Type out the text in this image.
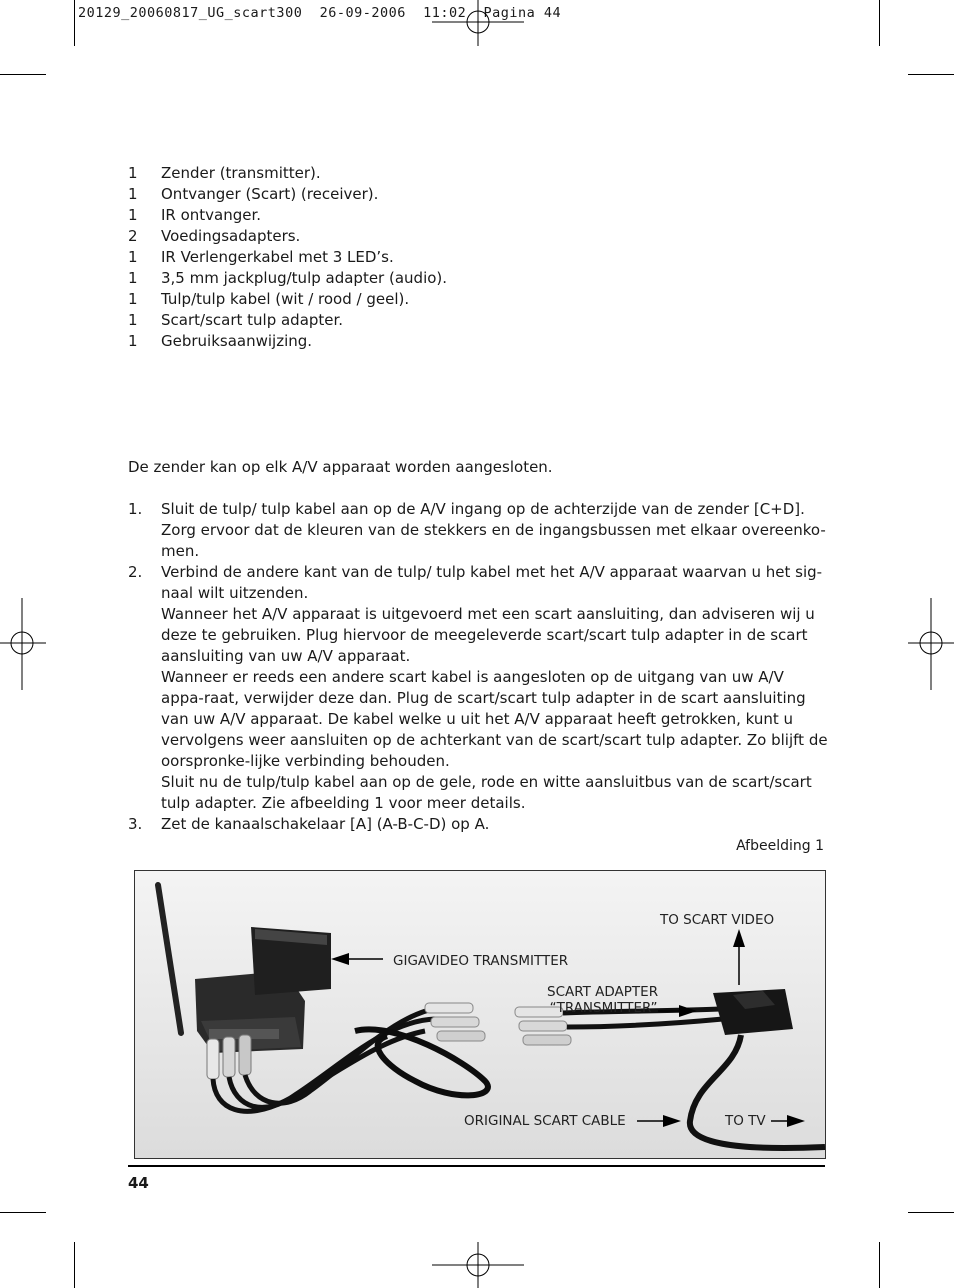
20129_20060817_UG_scart300  26-09-2006  11:02  Pagina 44
1	Zender (transmitter).
1	Ontvanger (Scart) (receiver).
1	IR ontvanger.
2	Voedingsadapters.
1	IR Verlengerkabel met 3 LED’s.
1	3,5 mm jackplug/tulp adapter (audio).
1	Tulp/tulp kabel (wit / rood / geel).
1	Scart/scart tulp adapter.
1	Gebruiksaanwijzing.
De zender kan op elk A/V apparaat worden aangesloten.
1.	Sluit de tulp/ tulp kabel aan op de A/V ingang op de achterzijde van de zender [C+D]. Zorg ervoor dat de kleuren van de stekkers en de ingangsbussen met elkaar overeenko-men.

2.	Verbind de andere kant van de tulp/ tulp kabel met het A/V apparaat waarvan u het sig-naal wilt uitzenden.

Wanneer het A/V apparaat is uitgevoerd met een scart aansluiting, dan adviseren wij u deze te gebruiken. Plug hiervoor de meegeleverde scart/scart tulp adapter in de scart aansluiting van uw A/V apparaat.

Wanneer er reeds een andere scart kabel is aangesloten op de uitgang van uw A/V appa-raat, verwijder deze dan. Plug de scart/scart tulp adapter in de scart aansluiting van uw A/V apparaat. De kabel welke u uit het A/V apparaat heeft getrokken, kunt u vervolgens weer aansluiten op de achterkant van de scart/scart tulp adapter. Zo blijft de oorspronke-lijke verbinding behouden.

Sluit nu de tulp/tulp kabel aan op de gele, rode en witte aansluitbus van de scart/scart tulp adapter. Zie afbeelding 1 voor meer details.

3.	Zet de kanaalschakelaar [A] (A-B-C-D) op A.

Afbeelding 1
TO SCART VIDEO
GIGAVIDEO TRANSMITTER
SCART ADAPTER
“TRANSMITTER”
ORIGINAL SCART CABLE	TO TV
44
